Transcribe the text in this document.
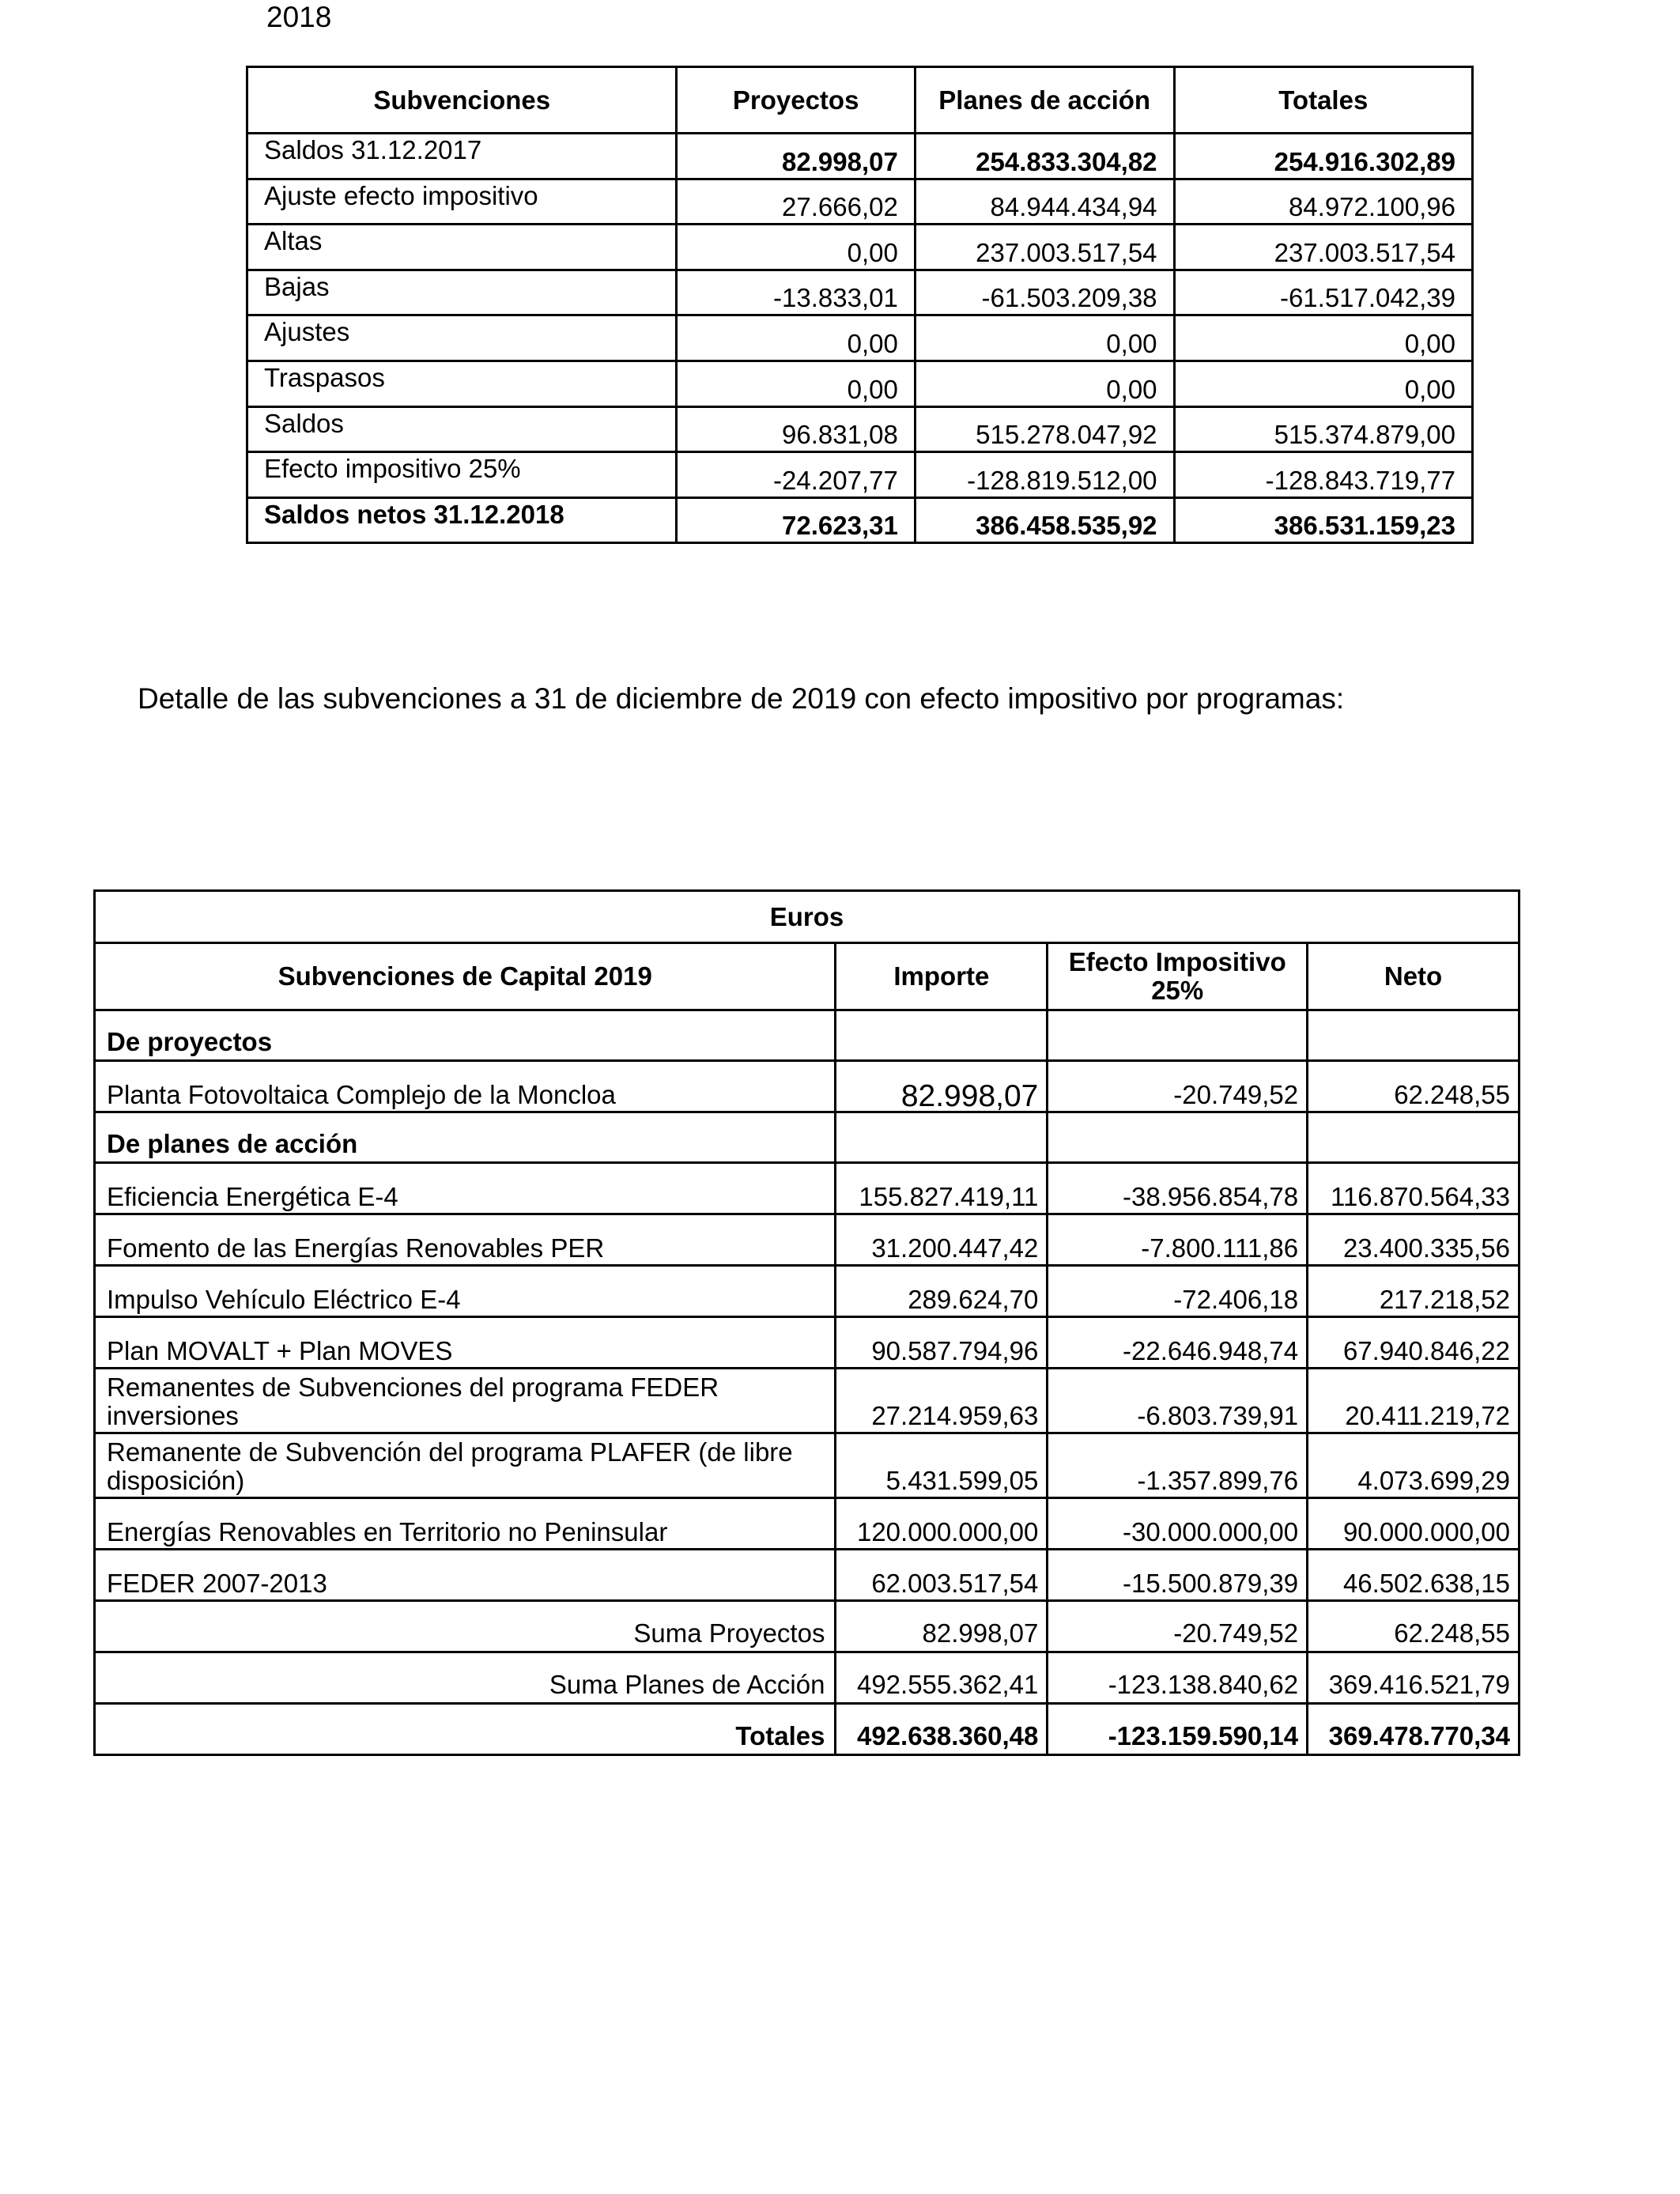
2018
Subvenciones	Proyectos	Planes de acción	Totales
Saldos 31.12.2017	82.998,07	254.833.304,82	254.916.302,89
Ajuste efecto impositivo	27.666,02	84.944.434,94	84.972.100,96
Altas	0,00	237.003.517,54	237.003.517,54
Bajas	-13.833,01	-61.503.209,38	-61.517.042,39
Ajustes	0,00	0,00	0,00
Traspasos	0,00	0,00	0,00
Saldos	96.831,08	515.278.047,92	515.374.879,00
Efecto impositivo 25%	-24.207,77	-128.819.512,00	-128.843.719,77
Saldos netos 31.12.2018	72.623,31	386.458.535,92	386.531.159,23
Detalle de las subvenciones a 31 de diciembre de 2019 con efecto impositivo por programas:
Euros			
Subvenciones de Capital 2019	Importe	Efecto Impositivo 25%	Neto
De proyectos			
Planta Fotovoltaica Complejo de la Moncloa	82.998,07	-20.749,52	62.248,55
De planes de acción			
Eficiencia Energética E-4	155.827.419,11	-38.956.854,78	116.870.564,33
Fomento de las Energías Renovables PER	31.200.447,42	-7.800.111,86	23.400.335,56
Impulso Vehículo Eléctrico E-4	289.624,70	-72.406,18	217.218,52
Plan MOVALT + Plan MOVES	90.587.794,96	-22.646.948,74	67.940.846,22
Remanentes de Subvenciones del programa FEDER inversiones	27.214.959,63	-6.803.739,91	20.411.219,72
Remanente de Subvención del programa PLAFER (de libre disposición)	5.431.599,05	-1.357.899,76	4.073.699,29
Energías Renovables en Territorio no Peninsular	120.000.000,00	-30.000.000,00	90.000.000,00
FEDER 2007-2013	62.003.517,54	-15.500.879,39	46.502.638,15
Suma Proyectos	82.998,07	-20.749,52	62.248,55
Suma Planes de Acción	492.555.362,41	-123.138.840,62	369.416.521,79
Totales	492.638.360,48	-123.159.590,14	369.478.770,34
